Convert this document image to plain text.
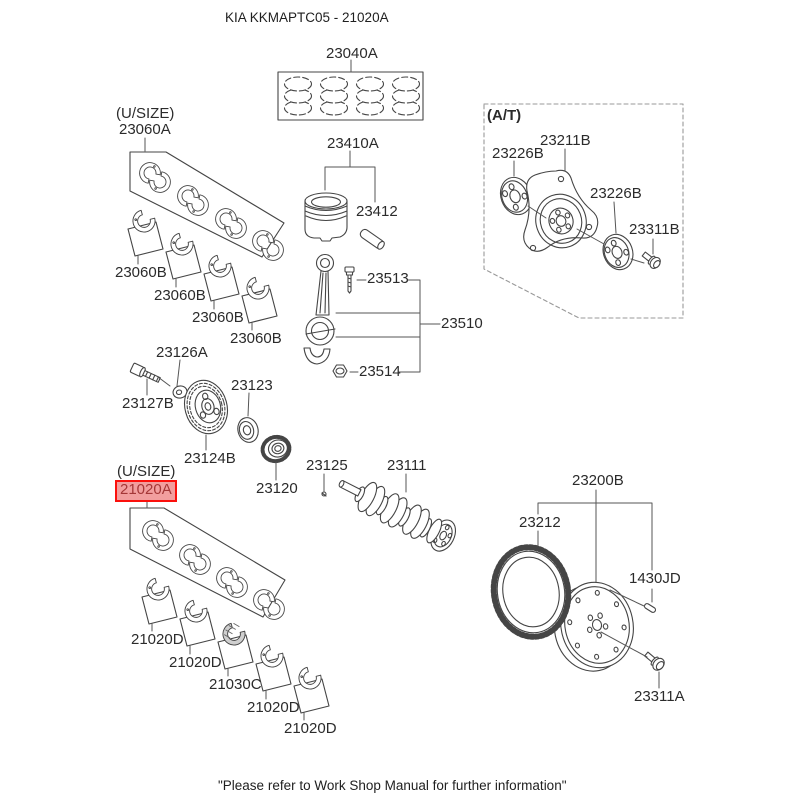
KIA KKMAPTC05 - 21020A
(U/SIZE)
23060A
23060B
23060B
23060B
23060B
23040A
23410A
23412
23513
23510
23514
(A/T)
23211B
23226B
23226B
23311B
23126A
23127B
23123
23124B
23120
23125	23111
(U/SIZE)
21020A
21020D
21020D
21030C
21020D
21020D
23200B
23212
1430JD
23311A
"Please refer to Work Shop Manual for further information"
